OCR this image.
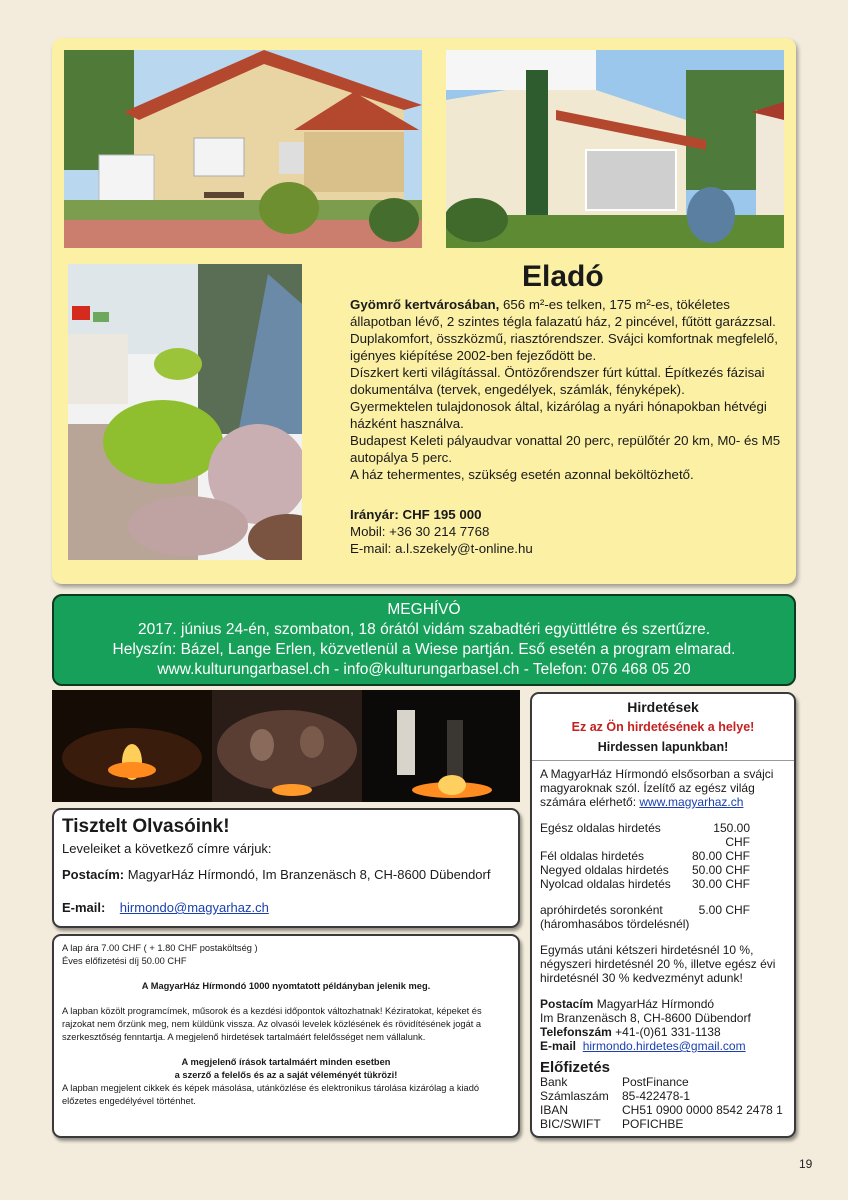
Eladó

Gyömrő kertvárosában, 656 m²-es telken, 175 m²-es, tökéletes állapotban lévő, 2 szintes tégla falazatú ház, 2 pincével, fűtött garázzsal. Duplakomfort, összközmű, riasztórendszer. Svájci komfortnak megfelelő, igényes kiépítése 2002-ben fejeződött be.

Díszkert kerti világítással. Öntözőrendszer fúrt kúttal. Építkezés fázisai dokumentálva (tervek, engedélyek, számlák, fényképek).

Gyermektelen tulajdonosok által, kizárólag a nyári hónapokban hétvégi házként használva.

Budapest Keleti pályaudvar vonattal 20 perc, repülőtér 20 km, M0- és M5 autopálya 5 perc.

A ház tehermentes, szükség esetén azonnal beköltözhető.

Irányár: CHF 195 000
Mobil: +36 30 214 7768
E-mail: a.l.szekely@t-online.hu
MEGHÍVÓ
2017. június 24-én, szombaton, 18 órától vidám szabadtéri együttlétre és szertűzre.
Helyszín: Bázel, Lange Erlen, közvetlenül a Wiese partján. Eső esetén a program elmarad.
www.kulturungarbasel.ch - info@kulturungarbasel.ch - Telefon: 076 468 05 20
Tisztelt Olvasóink!
Leveleiket a következő címre várjuk:
Postacím: MagyarHáz Hírmondó, Im Branzenäsch 8, CH-8600 Dübendorf
E-mail: hirmondo@magyarhaz.ch
A lap ára 7.00 CHF ( + 1.80 CHF postaköltség )
Éves előfizetési díj 50.00 CHF
A MagyarHáz Hírmondó 1000 nyomtatott példányban jelenik meg.
A lapban közölt programcímek, műsorok és a kezdési időpontok változhatnak! Kéziratokat, képeket és rajzokat nem őrzünk meg, nem küldünk vissza. Az olvasói levelek közlésének és rövidítésének jogát a szerkesztőség fenntartja. A megjelenő hirdetések tartalmáért felelősséget nem vállalunk.
A megjelenő írások tartalmáért minden esetben
a szerző a felelős és az a saját véleményét tükrözi!
A lapban megjelent cikkek és képek másolása, utánközlése és elektronikus tárolása kizárólag a kiadó előzetes engedélyével történhet.
Hirdetések
Ez az Ön hirdetésének a helye!
Hirdessen lapunkban!
A MagyarHáz Hírmondó elsősorban a svájci magyaroknak szól. Ízelítő az egész világ számára elérhető: www.magyarhaz.ch
Egész oldalas hirdetés	150.00 CHF
Fél oldalas hirdetés	80.00 CHF
Negyed oldalas hirdetés	50.00 CHF
Nyolcad oldalas hirdetés	30.00 CHF
apróhirdetés soronként	5.00 CHF
(háromhasábos tördelésnél)
Egymás utáni kétszeri hirdetésnél 10 %, négyszeri hirdetésnél 20 %, illetve egész évi hirdetésnél 30 % kedvezményt adunk!
Postacím MagyarHáz Hírmondó
Im Branzenäsch 8, CH-8600 Dübendorf
Telefonszám +41-(0)61 331-1138
E-mail hirmondo.hirdetes@gmail.com
Előfizetés
Bank	PostFinance
Számlaszám	85-422478-1
IBAN	CH51 0900 0000 8542 2478 1
BIC/SWIFT	POFICHBE
19
